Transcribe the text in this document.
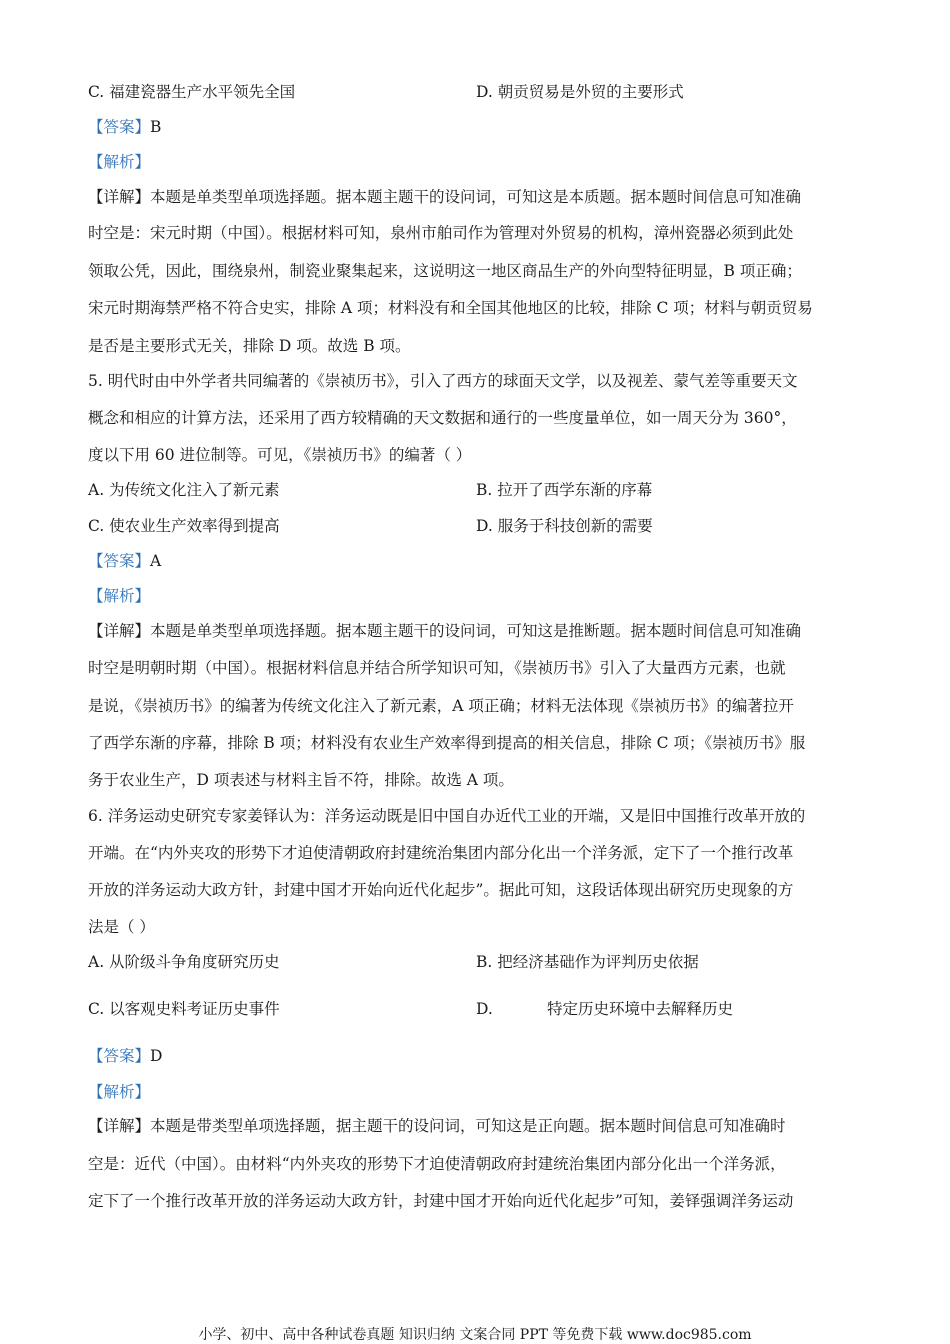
C. 福建瓷器生产水平领先全国	D. 朝贡贸易是外贸的主要形式
【答案】B
【解析】
【详解】本题是单类型单项选择题。据本题主题干的设问词，可知这是本质题。据本题时间信息可知准确
时空是：宋元时期（中国）。根据材料可知，泉州市舶司作为管理对外贸易的机构，漳州瓷器必须到此处
领取公凭，因此，围绕泉州，制瓷业聚集起来，这说明这一地区商品生产的外向型特征明显，B 项正确；
宋元时期海禁严格不符合史实，排除 A 项；材料没有和全国其他地区的比较，排除 C 项；材料与朝贡贸易
是否是主要形式无关，排除 D 项。故选 B 项。
5. 明代时由中外学者共同编著的《崇祯历书》，引入了西方的球面天文学，以及视差、蒙气差等重要天文
概念和相应的计算方法，还采用了西方较精确的天文数据和通行的一些度量单位，如一周天分为 360°，
度以下用 60 进位制等。可见，《崇祯历书》的编著（ ）
A. 为传统文化注入了新元素	B. 拉开了西学东渐的序幕
C. 使农业生产效率得到提高	D. 服务于科技创新的需要
【答案】A
【解析】
【详解】本题是单类型单项选择题。据本题主题干的设问词，可知这是推断题。据本题时间信息可知准确
时空是明朝时期（中国）。根据材料信息并结合所学知识可知，《崇祯历书》引入了大量西方元素，也就
是说，《崇祯历书》的编著为传统文化注入了新元素，A 项正确；材料无法体现《崇祯历书》的编著拉开
了西学东渐的序幕，排除 B 项；材料没有农业生产效率得到提高的相关信息，排除 C 项；《崇祯历书》服
务于农业生产，D 项表述与材料主旨不符，排除。故选 A 项。
6. 洋务运动史研究专家姜铎认为：洋务运动既是旧中国自办近代工业的开端，又是旧中国推行改革开放的
开端。在“内外夹攻的形势下才迫使清朝政府封建统治集团内部分化出一个洋务派，定下了一个推行改革
开放的洋务运动大政方针，封建中国才开始向近代化起步”。据此可知，这段话体现出研究历史现象的方
法是（ ）
A. 从阶级斗争角度研究历史	B. 把经济基础作为评判历史依据
C. 以客观史料考证历史事件	D.           特定历史环境中去解释历史
【答案】D
【解析】
【详解】本题是带类型单项选择题，据主题干的设问词，可知这是正向题。据本题时间信息可知准确时
空是：近代（中国）。由材料“内外夹攻的形势下才迫使清朝政府封建统治集团内部分化出一个洋务派，
定下了一个推行改革开放的洋务运动大政方针，封建中国才开始向近代化起步”可知，姜铎强调洋务运动
小学、初中、高中各种试卷真题 知识归纳 文案合同 PPT 等免费下载 www.doc985.com
